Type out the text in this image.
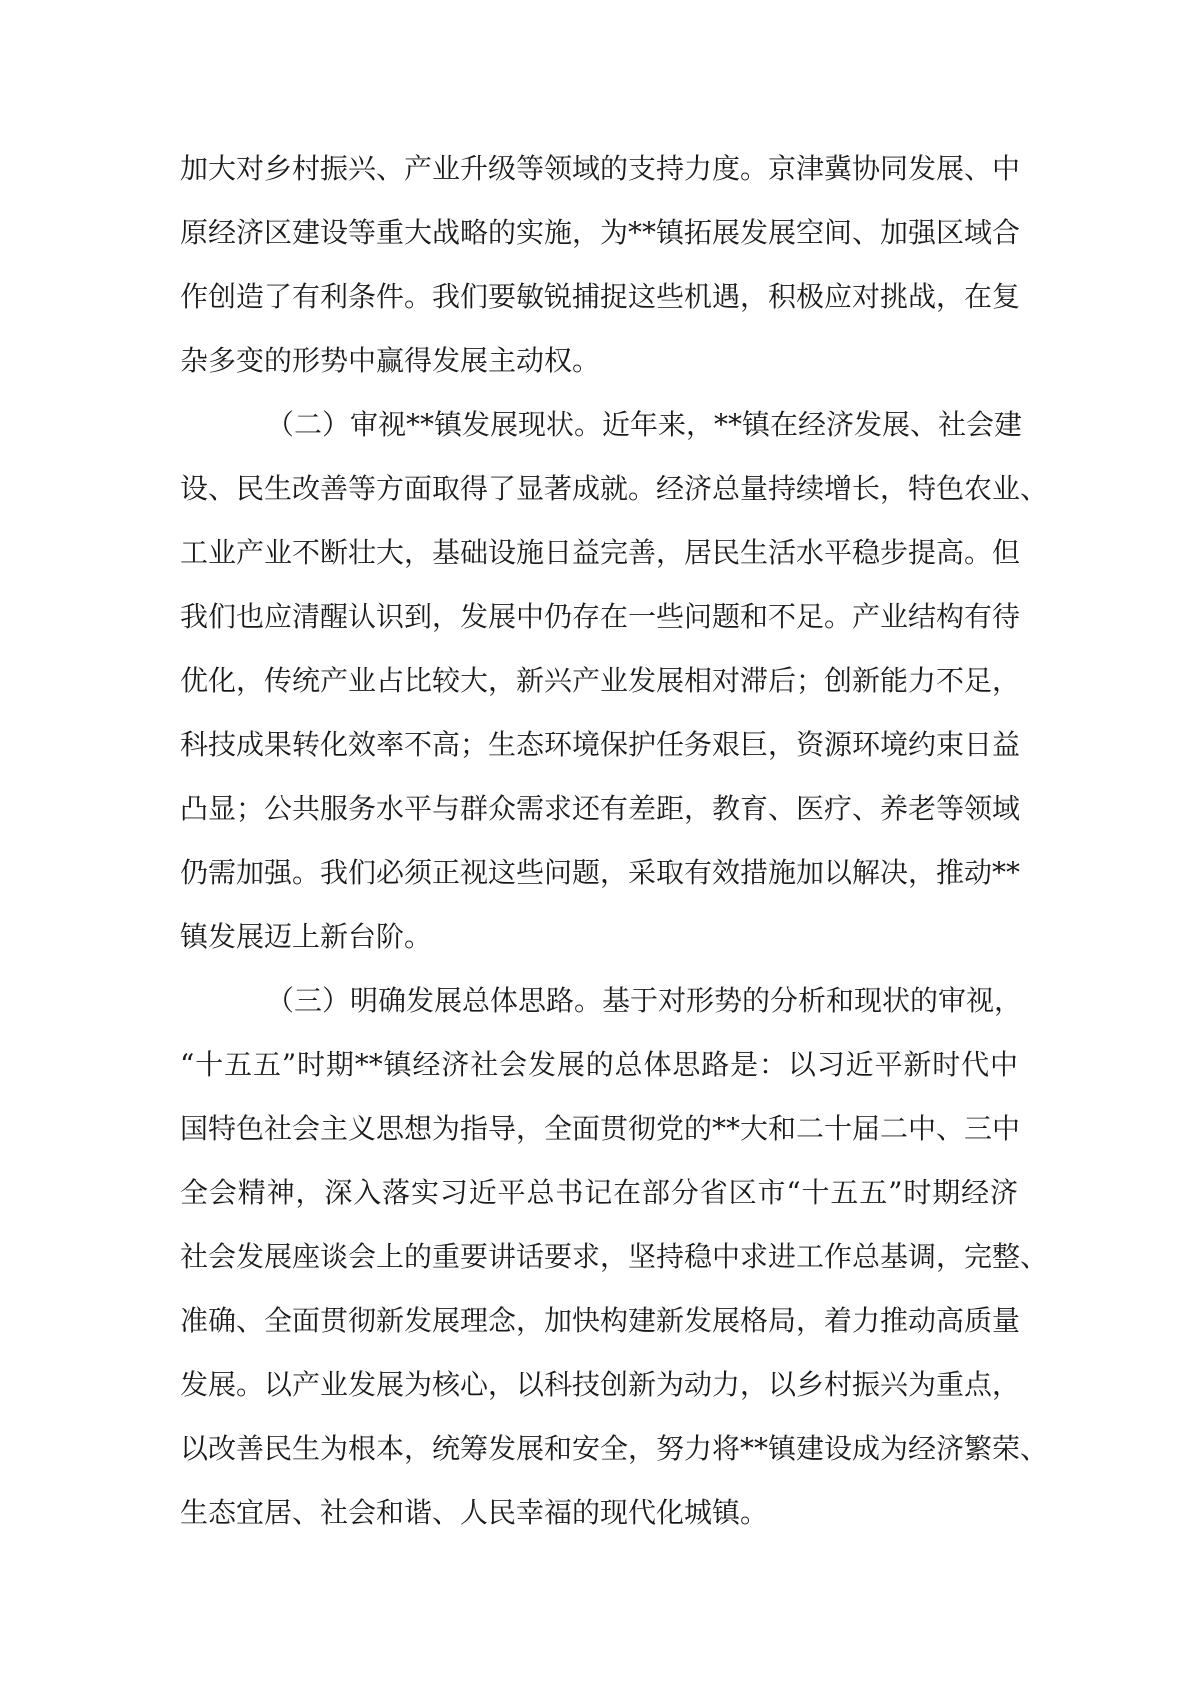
加大对乡村振兴、产业升级等领域的支持力度。京津冀协同发展、中
原经济区建设等重大战略的实施，为**镇拓展发展空间、加强区域合
作创造了有利条件。我们要敏锐捕捉这些机遇，积极应对挑战，在复
杂多变的形势中赢得发展主动权。
（二）审视**镇发展现状。近年来，**镇在经济发展、社会建
设、民生改善等方面取得了显著成就。经济总量持续增长，特色农业、
工业产业不断壮大，基础设施日益完善，居民生活水平稳步提高。但
我们也应清醒认识到，发展中仍存在一些问题和不足。产业结构有待
优化，传统产业占比较大，新兴产业发展相对滞后；创新能力不足，
科技成果转化效率不高；生态环境保护任务艰巨，资源环境约束日益
凸显；公共服务水平与群众需求还有差距，教育、医疗、养老等领域
仍需加强。我们必须正视这些问题，采取有效措施加以解决，推动**
镇发展迈上新台阶。
（三）明确发展总体思路。基于对形势的分析和现状的审视，
“十五五”时期**镇经济社会发展的总体思路是：以习近平新时代中
国特色社会主义思想为指导，全面贯彻党的**大和二十届二中、三中
全会精神，深入落实习近平总书记在部分省区市“十五五”时期经济
社会发展座谈会上的重要讲话要求，坚持稳中求进工作总基调，完整、
准确、全面贯彻新发展理念，加快构建新发展格局，着力推动高质量
发展。以产业发展为核心，以科技创新为动力，以乡村振兴为重点，
以改善民生为根本，统筹发展和安全，努力将**镇建设成为经济繁荣、
生态宜居、社会和谐、人民幸福的现代化城镇。
